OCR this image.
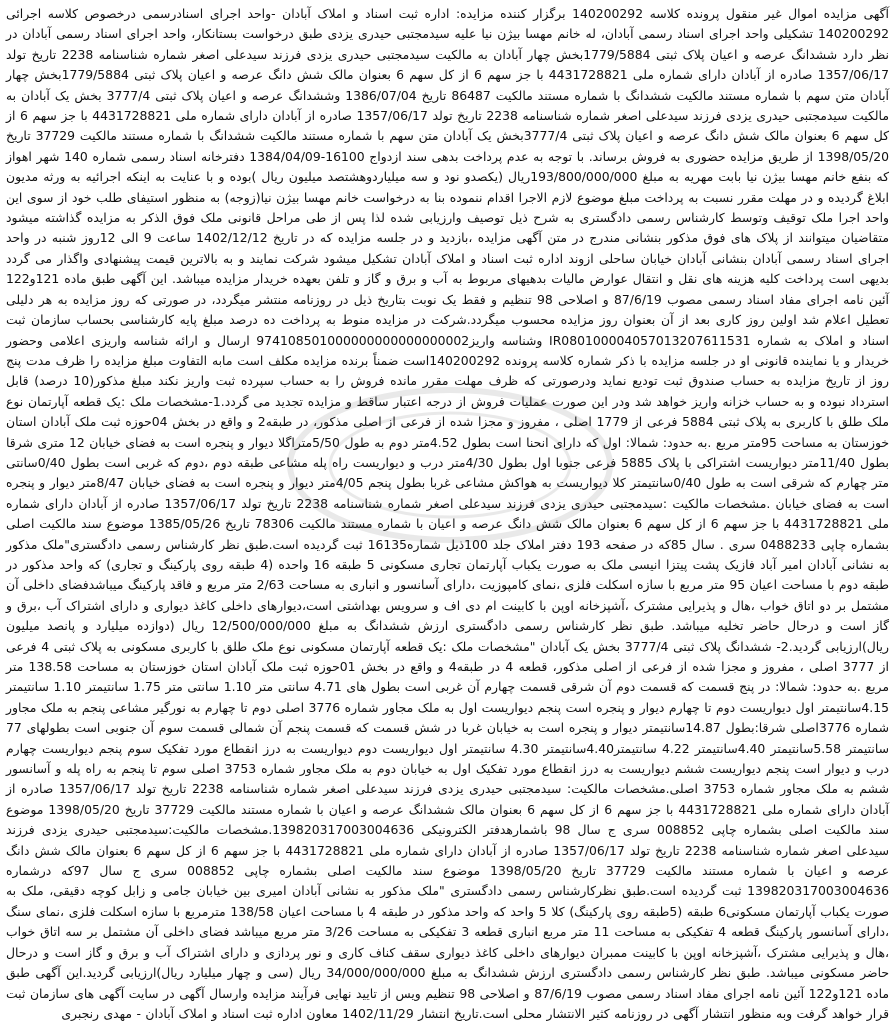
آگهی مزایده اموال غیر منقول پرونده کلاسه 140200292 برگزار کننده مزایده: اداره ثبت اسناد و املاک آبادان -واحد اجرای اسنادرسمی درخصوص کلاسه اجرائی 140200292 تشکیلی واحد اجرای اسناد رسمی آبادان، له خانم مهسا بیژن نیا علیه سیدمجتبی حیدری یزدی طبق درخواست بستانکار، واحد اجرای اسناد رسمی آبادان در نظر دارد ششدانگ عرصه و اعیان پلاک ثبتی 1779/5884بخش چهار آبادان به مالکیت سیدمجتبی حیدری یزدی فرزند سیدعلی اصغر شماره شناسنامه 2238 تاریخ تولد 1357/06/17 صادره از آبادان دارای شماره ملی 4431728821 با جز سهم 6 از کل سهم 6 بعنوان مالک شش دانگ عرصه و اعیان پلاک ثبتی 1779/5884بخش چهار آبادان متن سهم با شماره مستند مالکیت ششدانگ با شماره مستند مالکیت 86487 تاریخ 1386/07/04 وششدانگ عرصه و اعیان پلاک ثبتی 3777/4 بخش یک آبادان به مالکیت سیدمجتبی حیدری یزدی فرزند سیدعلی اصغر شماره شناسنامه 2238 تاریخ تولد 1357/06/17 صادره از آبادان دارای شماره ملی 4431728821 با جز سهم 6 از کل سهم 6 بعنوان مالک شش دانگ عرصه و اعیان پلاک ثبتی 3777/4بخش یک آبادان متن سهم با شماره مستند مالکیت ششدانگ با شماره مستند مالکیت 37729 تاریخ 1398/05/20 از طریق مزایده حضوری به فروش برساند. با توجه به عدم پرداخت بدهی سند ازدواج 16100-1384/04/09 دفترخانه اسناد رسمی شماره 140 شهر اهواز که بنفع خانم مهسا بیژن نیا بابت مهریه به مبلغ 193/800/000/000ریال (یکصدو نود و سه میلیاردوهشتصد میلیون ریال )بوده و با عنایت به اینکه اجرائیه به ورثه مدیون ابلاغ گردیده و در مهلت مقرر نسبت به پرداخت مبلغ موضوع لازم الاجرا اقدام ننموده بنا به درخواست خانم مهسا بیژن نیا(زوجه) به منظور استیفای طلب خود از سوی این واحد اجرا ملک توقیف وتوسط کارشناس رسمی دادگستری به شرح ذیل توصیف وارزیابی شده لذا پس از طی مراحل قانونی ملک فوق الذکر به مزایده گذاشته میشود متقاضیان میتوانند از پلاک های فوق مذکور بنشانی مندرج در متن آگهی مزایده ،بازدید و در جلسه مزایده که در تاریخ 1402/12/12 ساعت 9 الی 12روز شنبه در واحد اجرای اسناد رسمی آبادان بنشانی آبادان خیابان ساحلی ازوند اداره ثبت اسناد و املاک آبادان تشکیل میشود شرکت نمایند و به بالاترین قیمت پیشنهادی واگذار می گردد بدیهی است پرداخت کلیه هزینه های نقل و انتقال عوارض مالیات بدهیهای مربوط به آب و برق و گاز و تلفن بعهده خریدار مزایده میباشد. این آگهی طبق ماده 121و122 آئین نامه اجرای مفاد اسناد رسمی مصوب 87/6/19 و اصلاحی 98 تنظیم و فقط یک نوبت بتاریخ ذیل در روزنامه منتشر میگردد، در صورتی که روز مزایده به هر دلیلی تعطیل اعلام شد اولین روز کاری بعد از آن بعنوان روز مزایده محسوب میگردد.شرکت در مزایده منوط به پرداخت ده درصد مبلغ پایه کارشناسی بحساب سازمان ثبت اسناد و املاک به شماره IR080100004057013207611531 وشناسه واریز974108501000000000000000002 ارسال و ارائه شناسه واریزی اعلامی وحضور خریدار و یا نماینده قانونی او در جلسه مزایده با ذکر شماره کلاسه پرونده 140200292است ضمناً برنده مزایده مکلف است مابه التفاوت مبلغ مزایده را ظرف مدت پنج روز از تاریخ مزایده به حساب صندوق ثبت تودیع نماید ودرصورتی که ظرف مهلت مقرر مانده فروش را به حساب سپرده ثبت واریز نکند مبلغ مذکور(10 درصد) قابل استرداد نبوده و به حساب خزانه واریز خواهد شد ودر این صورت عملیات فروش از درجه اعتبار ساقط و مزایده تجدید می گردد.1-مشخصات ملک :یک قطعه آپارتمان نوع ملک طلق با کاربری به پلاک ثبتی 5884 فرعی از 1779 اصلی ، مفروز و مجزا شده از فرعی از اصلی مذکور، در طبقه2 و واقع در بخش 04حوزه ثبت ملک آبادان استان خوزستان به مساحت 95متر مربع .به حدود: شمالا: اول که دارای انحنا است بطول 4.52متر دوم به طول 5/50متراگلا دیوار و پنجره است به فضای خیابان 12 متری شرقا بطول 11/40متر دیواریست اشتراکی با پلاک 5885 فرعی جنوبا اول بطول 4/30متر درب و دیواریست راه پله مشاعی طبقه دوم ،دوم که غربی است بطول 0/40سانتی متر چهارم که شرقی است به طول 0/40سانتیمتر کلا دیواریست به هواکش مشاعی غربا بطول پنجم 4/05متر دیوار و پنجره است به فضای خیابان 8/47متر دیوار و پنجره است به فضای خیابان .مشخصات مالکیت :سیدمجتبی حیدری یزدی فرزند سیدعلی اصغر شماره شناسنامه 2238 تاریخ تولد 1357/06/17 صادره از آبادان دارای شماره ملی 4431728821 با جز سهم 6 از کل سهم 6 بعنوان مالک شش دانگ عرصه و اعیان با شماره مستند مالکیت 78306 تاریخ 1385/05/26 موضوع سند مالکیت اصلی بشماره چاپی 0488233 سری . سال 85که در صفحه 193 دفتر املاک جلد 100ذیل شماره16135 ثبت گردیده است.طبق نظر کارشناس رسمی دادگستری"ملک مذکور به نشانی آبادان امیر آباد فازیک پشت پیتزا انیسی ملک به صورت یکباب آپارتمان تجاری مسکونی 5 طبقه 16 واحده (4 طبقه روی پارکینگ و تجاری) که واحد مذکور در طبقه دوم با مساحت اعیان 95 متر مربع با سازه اسکلت فلزی ،نمای کامپوزیت ،دارای آسانسور و انباری به مساحت 2/63 متر مربع و فاقد پارکینگ میباشدفضای داخلی آن مشتمل بر دو اتاق خواب ،هال و پذیرایی مشترک ،آشپزخانه اوپن با کابینت ام دی اف و سرویس بهداشتی است،دیوارهای داخلی کاغذ دیواری و دارای اشتراک آب ،برق و گاز است و درحال حاضر تخلیه میباشد. طبق نظر کارشناس رسمی دادگستری ارزش ششدانگ به مبلغ 12/500/000/000 ریال (دوازده میلیارد و پانصد میلیون ریال)ارزیابی گردید.2- ششدانگ پلاک ثبتی 3777/4 بخش یک آبادان "مشخصات ملک :یک قطعه آپارتمان مسکونی نوع ملک طلق با کاربری مسکونی به پلاک ثبتی 4 فرعی از 3777 اصلی ، مفروز و مجزا شده از فرعی از اصلی مذکور، قطعه 4 در طبقه4 و واقع در بخش 01حوزه ثبت ملک آبادان استان خوزستان به مساحت 138.58 متر مربع .به حدود: شمالا: در پنج قسمت که قسمت دوم آن شرقی قسمت چهارم آن غربی است بطول های 4.71 سانتی متر 1.10 سانتی متر 1.75 سانتیمتر 1.10 سانتیمتر 4.15سانتیمتر اول دیواریست دوم تا چهارم دیوار و پنجره است پنجم دیواریست اول به ملک مجاور شماره 3776 اصلی دوم تا چهارم به نورگیر مشاعی پنجم به ملک مجاور شماره 3776اصلی شرقا:بطول 14.87سانتیمتر دیوار و پنجره است به خیابان غربا در شش قسمت که قسمت پنجم آن شمالی قسمت سوم آن جنوبی است بطولهای 77 سانتیمتر 5.58سانتیمتر 4.40سانتیمتر 4.22 سانتیمتر4.40سانتیمتر 4.30 سانتیمتر اول دیواریست دوم دیواریست به درز انقطاع مورد تفکیک سوم پنجم دیواریست چهارم درب و دیوار است پنجم دیواریست ششم دیواریست به درز انقطاع مورد تفکیک اول به خیابان دوم به ملک مجاور شماره 3753 اصلی سوم تا پنجم به راه پله و آسانسور ششم به ملک مجاور شماره 3753 اصلی.مشخصات مالکیت: سیدمجتبی حیدری یزدی فرزند سیدعلی اصغر شماره شناسنامه 2238 تاریخ تولد 1357/06/17 صادره از آبادان دارای شماره ملی 4431728821 با جز سهم 6 از کل سهم 6 بعنوان مالک ششدانگ عرصه و اعیان با شماره مستند مالکیت 37729 تاریخ 1398/05/20 موضوع سند مالکیت اصلی بشماره چاپی 008852 سری ج سال 98 باشمارهدفتر الکترونیکی 139820317003004636.مشخصات مالکیت:سیدمجتبی حیدری یزدی فرزند سیدعلی اصغر شماره شناسنامه 2238 تاریخ تولد 1357/06/17 صادره از آبادان دارای شماره ملی 4431728821 با جز سهم 6 از کل سهم 6 بعنوان مالک شش دانگ عرصه و اعیان با شماره مستند مالکیت 37729 تاریخ 1398/05/20 موضوع سند مالکیت اصلی بشماره چاپی 008852 سری ج سال 97که درشماره 139820317003004636 ثبت گردیده است.طبق نظرکارشناس رسمی دادگستری "ملک مذکور به نشانی آبادان امیری بین خیابان جامی و زابل کوچه دقیقی، ملک به صورت یکباب آپارتمان مسکونی6 طبقه (5طبقه روی پارکینگ) کلا 5 واحد که واحد مذکور در طبقه 4 با مساحت اعیان 138/58 مترمربع با سازه اسکلت فلزی ،نمای سنگ ،دارای آسانسور پارکینگ قطعه 4 تفکیکی به مساحت 11 متر مربع انباری قطعه 3 تفکیکی به مساحت 3/26 متر مربع میباشد فضای داخلی آن مشتمل بر سه اتاق خواب ،هال و پذیرایی مشترک ،آشپزخانه اوپن با کابینت ممبران دیوارهای داخلی کاغذ دیواری سقف کناف کاری و نور پردازی و دارای اشتراک آب و برق و گاز است و درحال حاضر مسکونی میباشد. طبق نظر کارشناس رسمی دادگستری ارزش ششدانگ به مبلغ 34/000/000/000 ریال (سی و چهار میلیارد ریال)ارزیابی گردید.این آگهی طبق ماده 121و122 آئین نامه اجرای مفاد اسناد رسمی مصوب 87/6/19 و اصلاحی 98 تنظیم ویس از تایید نهایی فرآیند مزایده وارسال آگهی در سایت آگهی های سازمان ثبت قرار خواهد گرفت وبه منظور انتشار آگهی در روزنامه کثیر الانتشار محلی است.تاریخ انتشار 1402/11/29 معاون اداره ثبت اسناد و املاک آبادان - مهدی رنجبری
